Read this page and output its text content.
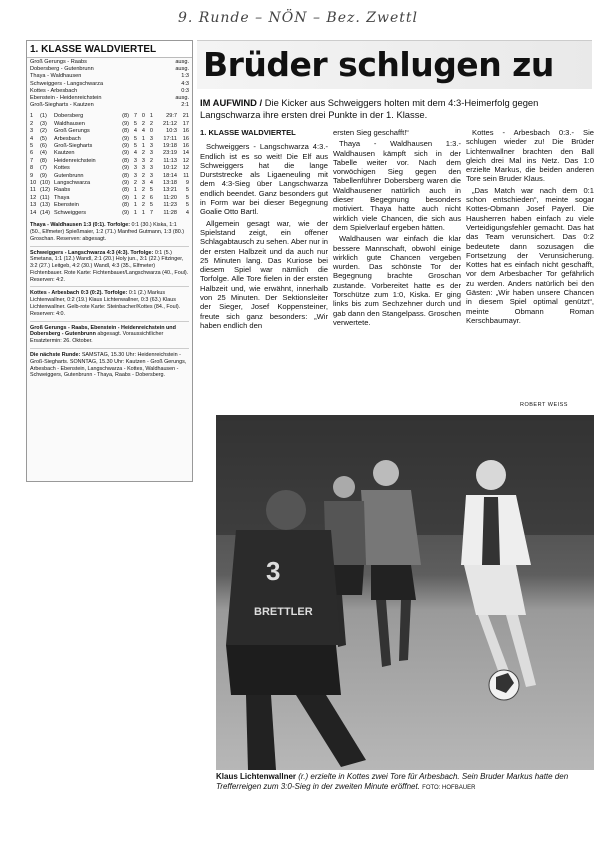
9. Runde – NÖN – Bez. Zwettl
1. KLASSE WALDVIERTEL
Groß Gerungs - Raabs	ausg.
Dobersberg - Gutenbrunn	ausg.
Thaya - Waldhausen	1:3
Schweiggers - Langschwarza	4:3
Kottes - Arbesbach	0:3
Ebenstein - Heidenreichstein	ausg.
Groß-Siegharts - Kautzen	2:1
1	(1)	Dobersberg	(8) 7 0 1	29:7	21
2	(3)	Waldhausen	(9) 5 2 2	21:12	17
3	(2)	Groß Gerungs	(8) 4 4 0	10:3	16
4	(5)	Arbesbach	(9) 5 1 3	17:11	16
5	(6)	Groß-Siegharts	(9) 5 1 3	19:18	16
6	(4)	Kautzen	(9) 4 2 3	23:19	14
7	(8)	Heidenreichstein	(8) 3 3 2	11:13	12
8	(7)	Kottes	(9) 3 3 3	10:12	12
9	(9)	Gutenbrunn	(8) 3 2 3	18:14	11
10 (10) Langschwarza	(9) 2 3 4	13:18	9
11 (12) Raabs	(8) 1 2 5	13:21	5
12 (11) Thaya	(9) 1 2 6	11:20	5
13 (13) Ebenstein	(8) 1 2 5	11:23	5
14 (14) Schweiggers	(9) 1 1 7	11:28	4

Thaya - Waldhausen 1:3 (0:1). Torfolge: 0:1 (30.) Kiska, 1:1 (50., Elfmeter) Spießmaier, 1:2 (71.) Manfred Gutmann, 1:3 (80.) Groschan. Reserven: abgesagt.

Schweiggers - Langschwarza 4:3 (4:3). Torfolge: 0:1 (5.) Smetana, 1:1 (12.) Wandl, 2:1 (20.) Holy jun., 3:1 (22.) Fitzinger, 3:2 (27.) Leitgeb, 4:2 (30.) Wandl, 4:3 (35., Elfmeter) Fichtenbauer. Rote Karte: Fichtenbauer/Langschwarza (40., Foul). Reserven: 4:2.

Kottes - Arbesbach 0:3 (0:2). Torfolge: 0:1 (2.) Markus Lichtenwallner, 0:2 (19.) Klaus Lichtenwallner, 0:3 (63.) Klaus Lichtenwallner. Gelb-rote Karte: Steinbacher/Kottes (84., Foul). Reserven: 4:0.

Groß Gerungs - Raabs, Ebenstein - Heidenreichstein und Dobersberg - Gutenbrunn abgesagt. Voraussichtlicher Ersatztermin: 26. Oktober.

Die nächste Runde: SAMSTAG, 15.30 Uhr: Heidenreichstein - Groß-Siegharts. SONNTAG, 15.30 Uhr: Kautzen - Groß Gerungs, Arbesbach - Ebenstein, Langschwarza - Kottes, Waldhausen - Schweiggers, Gutenbrunn - Thaya, Raabs - Dobersberg.

Brüder schlugen zu
IM AUFWIND / Die Kicker aus Schweiggers holten mit dem 4:3-Heimerfolg gegen Langschwarza ihre ersten drei Punkte in der 1. Klasse.
1. KLASSE WALDVIERTEL

Schweiggers - Langschwarza 4:3.- Endlich ist es so weit! Die Elf aus Schweiggers hat die lange Durststrecke als Ligaeneuling mit dem 4:3-Sieg über Langschwarza endlich beendet. Ganz besonders gut in Form war bei dieser Begegnung Goalie Otto Bartl.

Allgemein gesagt war, wie der Spielstand zeigt, ein offener Schlagabtausch zu sehen. Aber nur in der ersten Halbzeit und da auch nur 25 Minuten lang. Das Kuriose bei diesem Spiel war nämlich die Torfolge. Alle Tore fielen in der ersten Halbzeit und, wie erwähnt, innerhalb von 25 Minuten. Der Sektionsleiter der Sieger, Josef Koppensteiner, freute sich ganz besonders: „Wir haben endlich den

ersten Sieg geschafft!“

Thaya - Waldhausen 1:3.- Waldhausen kämpft sich in der Tabelle weiter vor. Nach dem vorwöchigen Sieg gegen den Tabellenführer Dobersberg waren die Waldhausener natürlich auch in dieser Begegnung besonders motiviert. Thaya hatte auch nicht wirklich viele Chancen, die sich aus dem Spielverlauf ergeben hätten.

Waldhausen war einfach die klar bessere Mannschaft, obwohl einige wirklich gute Chancen vergeben wurden. Das schönste Tor der Begegnung brachte Groschan zustande. Vorbereitet hatte es der Torschütze zum 1:0, Kiska. Er ging links bis zum Sechzehner durch und gab dann den Stangelpass. Groschen verwertete.

Kottes - Arbesbach 0:3.- Sie schlugen wieder zu! Die Brüder Lichtenwallner brachten den Ball gleich drei Mal ins Netz. Das 1:0 erzielte Markus, die beiden anderen Tore sein Bruder Klaus.

„Das Match war nach dem 0:1 schon entschieden“, meinte sogar Kottes-Obmann Josef Payerl. Die Hausherren haben einfach zu viele Verteidigungsfehler gemacht. Das hat das Team verunsichert. Das 0:2 bedeutete dann sozusagen die Fortsetzung der Verunsicherung. Kottes hat es einfach nicht geschafft, vor dem Arbesbacher Tor gefährlich zu werden. Anders natürlich bei den Gästen: „Wir haben unsere Chancen in diesem Spiel optimal genützt“, meinte Obmann Roman Kerschbaumayr.

ROBERT WEISS
BRETTLER
3
Klaus Lichtenwallner (r.) erzielte in Kottes zwei Tore für Arbesbach. Sein Bruder Markus hatte den Trefferreigen zum 3:0-Sieg in der zweiten Minute eröffnet. FOTO: HOFBAUER
